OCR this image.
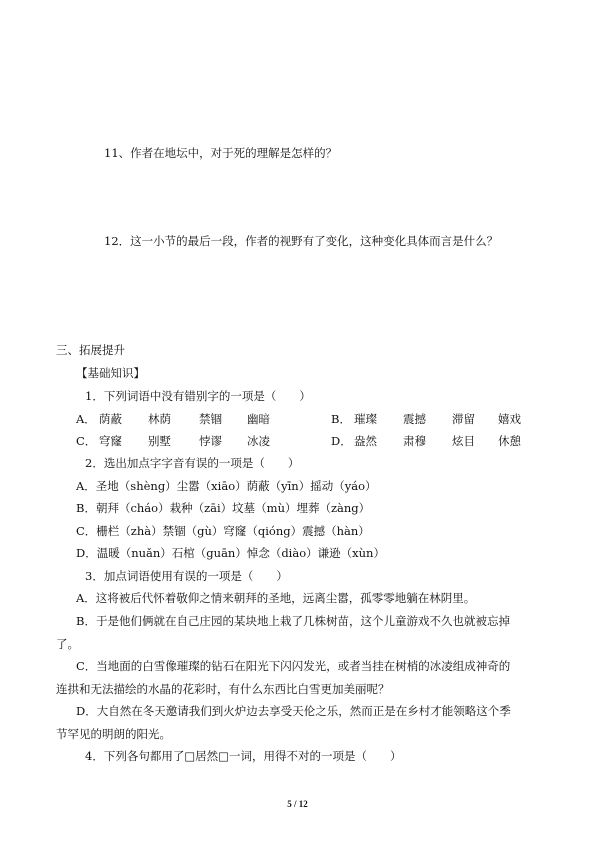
11、作者在地坛中，对于死的理解是怎样的？
12．这一小节的最后一段，作者的视野有了变化，这种变化具体而言是什么？
三、拓展提升
【基础知识】
1．下列词语中没有错别字的一项是（　　）
A． 荫蔽 林荫 禁锢 幽暗	B． 璀璨 震撼 滞留 嬉戏
C． 穹窿 别墅 悖谬 冰凌	D． 盎然 肃穆 炫目 休憩
2．选出加点字字音有误的一项是（　　）
A．圣地（shèng）尘嚣（xiāo）荫蔽（yīn）摇动（yáo）
B．朝拜（cháo）栽种（zāi）坟墓（mù）埋葬（zàng）
C．栅栏（zhà）禁锢（gù）穹窿（qióng）震撼（hàn）
D．温暖（nuǎn）石棺（guān）悼念（diào）谦逊（xùn）
3．加点词语使用有误的一项是（　　）
A．这将被后代怀着敬仰之情来朝拜的圣地，远离尘嚣，孤零零地躺在林阴里。
B．于是他们俩就在自己庄园的某块地上栽了几株树苗，这个儿童游戏不久也就被忘掉
了。
C．当地面的白雪像璀璨的钻石在阳光下闪闪发光，或者当挂在树梢的冰凌组成神奇的
连拱和无法描绘的水晶的花彩时，有什么东西比白雪更加美丽呢？
D．大自然在冬天邀请我们到火炉边去享受天伦之乐，然而正是在乡村才能领略这个季
节罕见的明朗的阳光。
4．下列各句都用了□居然□一词，用得不对的一项是（　　）
5 / 12
